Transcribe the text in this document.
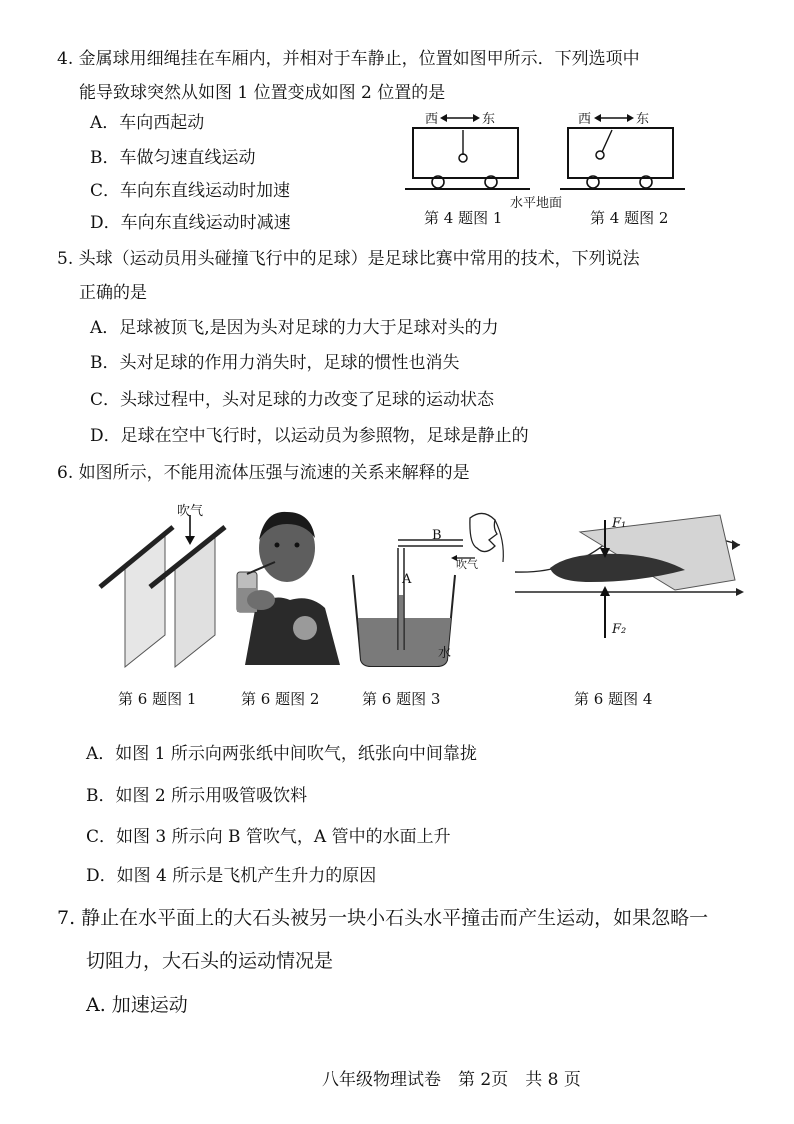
4. 金属球用细绳挂在车厢内，并相对于车静止，位置如图甲所示．下列选项中
能导致球突然从如图 1 位置变成如图 2 位置的是
A．车向西起动
B．车做匀速直线运动
C．车向东直线运动时加速
D．车向东直线运动时减速
西	东
水平地面
第 4 题图 1
西	东
第 4 题图 2
5. 头球（运动员用头碰撞飞行中的足球）是足球比赛中常用的技术，下列说法
正确的是
A．足球被顶飞,是因为头对足球的力大于足球对头的力
B．头对足球的作用力消失时，足球的惯性也消失
C．头球过程中，头对足球的力改变了足球的运动状态
D．足球在空中飞行时，以运动员为参照物，足球是静止的
6. 如图所示，不能用流体压强与流速的关系来解释的是
吹气
第 6 题图 1	第 6 题图 2
B
A
吹气
水
第 6 题图 3
F₁
F₂
第 6 题图 4
A．如图 1 所示向两张纸中间吹气，纸张向中间靠拢
B．如图 2 所示用吸管吸饮料
C．如图 3 所示向 B 管吹气，A 管中的水面上升
D．如图 4 所示是飞机产生升力的原因
7. 静止在水平面上的大石头被另一块小石头水平撞击而产生运动，如果忽略一
切阻力，大石头的运动情况是
A. 加速运动
八年级物理试卷　第 2页　共 8 页
